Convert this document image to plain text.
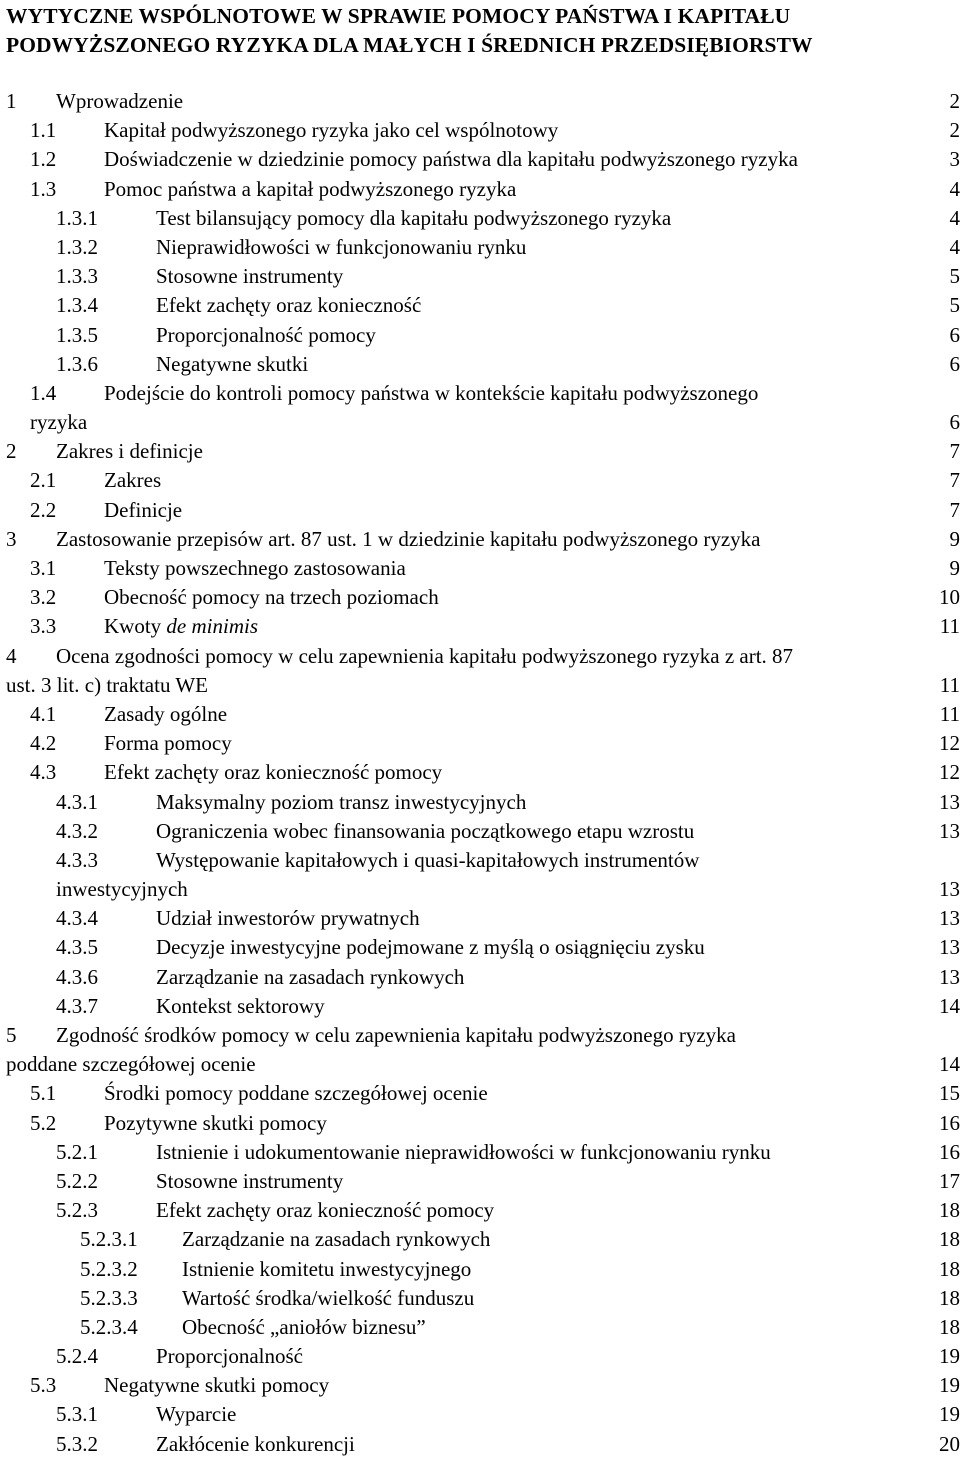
WYTYCZNE WSPÓLNOTOWE W SPRAWIE POMOCY PAŃSTWA I KAPITAŁU
PODWYŻSZONEGO RYZYKA DLA MAŁYCH I ŚREDNICH PRZEDSIĘBIORSTW
1 Wprowadzenie	2
1.1 Kapitał podwyższonego ryzyka jako cel wspólnotowy	2
1.2 Doświadczenie w dziedzinie pomocy państwa dla kapitału podwyższonego ryzyka	3
1.3 Pomoc państwa a kapitał podwyższonego ryzyka	4
1.3.1	Test bilansujący pomocy dla kapitału podwyższonego ryzyka	4
1.3.2	Nieprawidłowości w funkcjonowaniu rynku	4
1.3.3	Stosowne instrumenty	5
1.3.4	Efekt zachęty oraz konieczność	5
1.3.5	Proporcjonalność pomocy	6
1.3.6	Negatywne skutki	6
1.4 Podejście do kontroli pomocy państwa w kontekście kapitału podwyższonego
ryzyka	6
2 Zakres i definicje	7
2.1 Zakres	7
2.2 Definicje	7
3 Zastosowanie przepisów art. 87 ust. 1 w dziedzinie kapitału podwyższonego ryzyka	9
3.1 Teksty powszechnego zastosowania	9
3.2 Obecność pomocy na trzech poziomach	10
3.3 Kwoty de minimis	11
4 Ocena zgodności pomocy w celu zapewnienia kapitału podwyższonego ryzyka z art. 87
ust. 3 lit. c) traktatu WE	11
4.1 Zasady ogólne	11
4.2 Forma pomocy	12
4.3 Efekt zachęty oraz konieczność pomocy	12
4.3.1	Maksymalny poziom transz inwestycyjnych	13
4.3.2	Ograniczenia wobec finansowania początkowego etapu wzrostu	13
4.3.3	Występowanie kapitałowych i quasi-kapitałowych instrumentów
inwestycyjnych	13
4.3.4	Udział inwestorów prywatnych	13
4.3.5	Decyzje inwestycyjne podejmowane z myślą o osiągnięciu zysku	13
4.3.6	Zarządzanie na zasadach rynkowych	13
4.3.7	Kontekst sektorowy	14
5 Zgodność środków pomocy w celu zapewnienia kapitału podwyższonego ryzyka
poddane szczegółowej ocenie	14
5.1 Środki pomocy poddane szczegółowej ocenie	15
5.2 Pozytywne skutki pomocy	16
5.2.1	Istnienie i udokumentowanie nieprawidłowości w funkcjonowaniu rynku	16
5.2.2	Stosowne instrumenty	17
5.2.3	Efekt zachęty oraz konieczność pomocy	18
5.2.3.1 Zarządzanie na zasadach rynkowych	18
5.2.3.2 Istnienie komitetu inwestycyjnego	18
5.2.3.3 Wartość środka/wielkość funduszu	18
5.2.3.4 Obecność „aniołów biznesu”	18
5.2.4	Proporcjonalność	19
5.3 Negatywne skutki pomocy	19
5.3.1	Wyparcie	19
5.3.2	Zakłócenie konkurencji	20
